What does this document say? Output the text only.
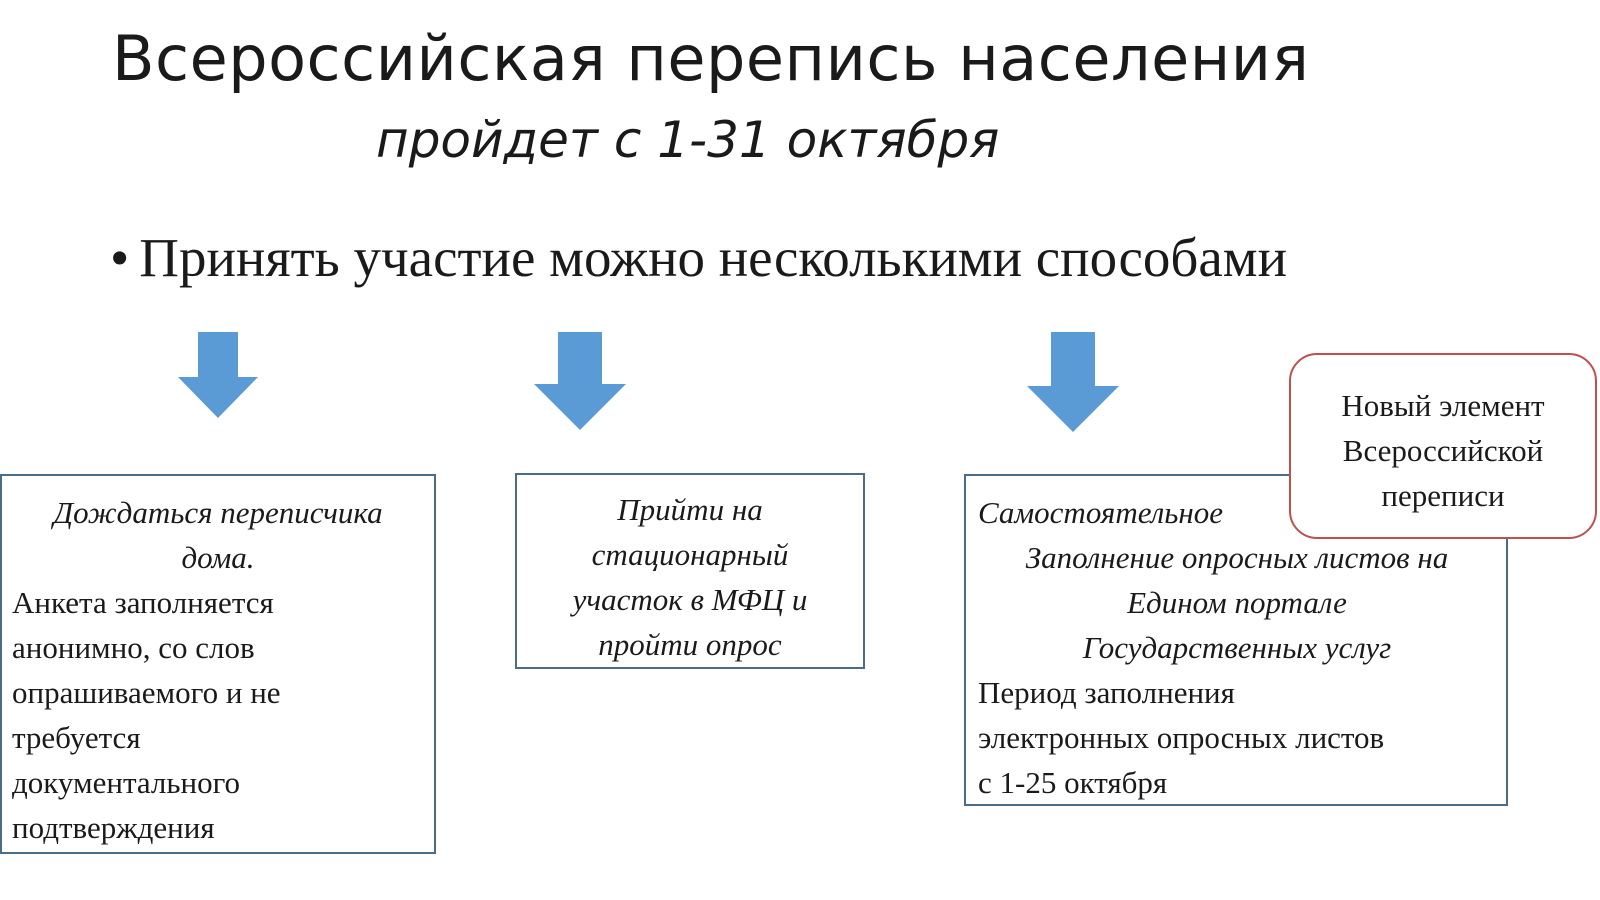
Всероссийская перепись населения
пройдет с 1-31 октября
• Принять участие можно несколькими способами
Дождаться переписчика
дома.
Анкета заполняется
анонимно, со слов
опрашиваемого и не
требуется
документального
подтверждения
Прийти на
стационарный
участок в МФЦ и
пройти опрос
Самостоятельное
Заполнение опросных листов на
Едином портале
Государственных услуг
Период заполнения
электронных опросных листов
с 1-25 октября
Новый элемент
Всероссийской
переписи
